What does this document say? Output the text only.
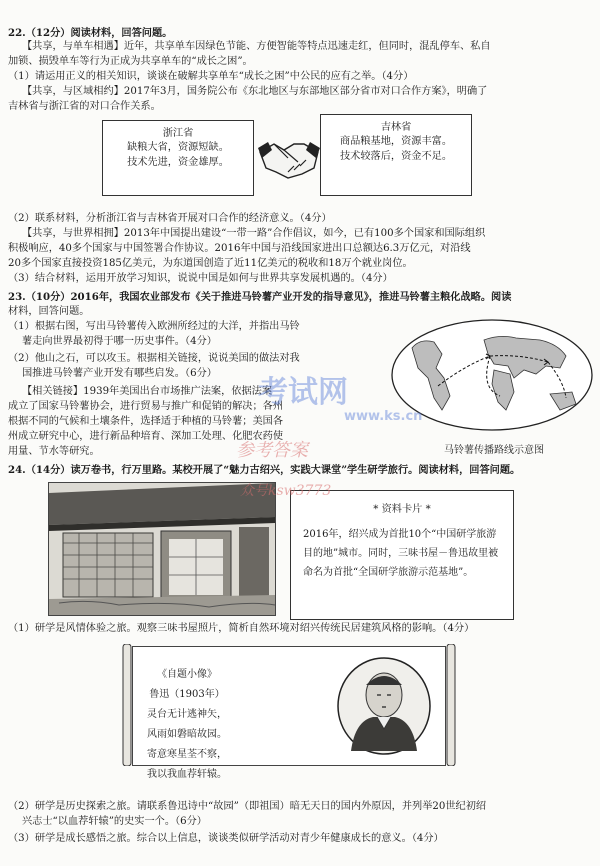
22.（12分）阅读材料，回答问题。
【共享，与单车相遇】近年，共享单车因绿色节能、方便智能等特点迅速走红，但同时，混乱停车、私自
加锁、损毁单车等行为正成为共享单车的“成长之困”。
（1）请运用正义的相关知识，谈谈在破解共享单车“成长之困”中公民的应有之举。（4分）
【共享，与区域相约】2017年3月，国务院公布《东北地区与东部地区部分省市对口合作方案》，明确了
吉林省与浙江省的对口合作关系。
浙江省
缺粮大省，资源短缺。
技术先进，资金雄厚。
吉林省
商品粮基地，资源丰富。
技术较落后，资金不足。
（2）联系材料，分析浙江省与吉林省开展对口合作的经济意义。（4分）
【共享，与世界相拥】2013年中国提出建设“一带一路”合作倡议，如今，已有100多个国家和国际组织
积极响应，40多个国家与中国签署合作协议。2016年中国与沿线国家进出口总额达6.3万亿元，对沿线
20多个国家直接投资185亿美元，为东道国创造了近11亿美元的税收和18万个就业岗位。
（3）结合材料，运用开放学习知识，说说中国是如何与世界共享发展机遇的。（4分）
23.（10分）2016年，我国农业部发布《关于推进马铃薯产业开发的指导意见》，推进马铃薯主粮化战略。阅读
材料，回答问题。
（1）根据右图，写出马铃薯传入欧洲所经过的大洋，并指出马铃
薯走向世界最初得于哪一历史事件。（4分）
（2）他山之石，可以攻玉。根据相关链接，说说美国的做法对我
国推进马铃薯产业开发有哪些启发。（6分）
【相关链接】1939年美国出台市场推广法案，依据法案
成立了国家马铃薯协会，进行贸易与推广和促销的解决；各州
根据不同的气候和土壤条件，选择适于种植的马铃薯；美国各
州成立研究中心，进行新品种培育、深加工处理、化肥农药使
用量、节水等研究。	马铃薯传播路线示意图
24.（14分）读万卷书，行万里路。某校开展了“魅力古绍兴，实践大课堂”学生研学旅行。阅读材料，回答问题。
* 资料卡片 *
2016年，绍兴成为首批10个“中国研学旅游目的地”城市。同时，三味书屋－鲁迅故里被命名为首批“全国研学旅游示范基地”。
（1）研学是风情体验之旅。观察三味书屋照片，简析自然环境对绍兴传统民居建筑风格的影响。（4分）
《自题小像》
鲁迅（1903年）
灵台无计逃神矢，
风雨如磐暗故园。
寄意寒星荃不察，
我以我血荐轩辕。
（2）研学是历史探索之旅。请联系鲁迅诗中“故园”（即祖国）暗无天日的国内外原因，并列举20世纪初绍
兴志士“以血荐轩辕”的史实一个。（6分）
（3）研学是成长感悟之旅。综合以上信息，谈谈类似研学活动对青少年健康成长的意义。（4分）
考试网
www.ks.cn
参考答案
众号ksw3773
